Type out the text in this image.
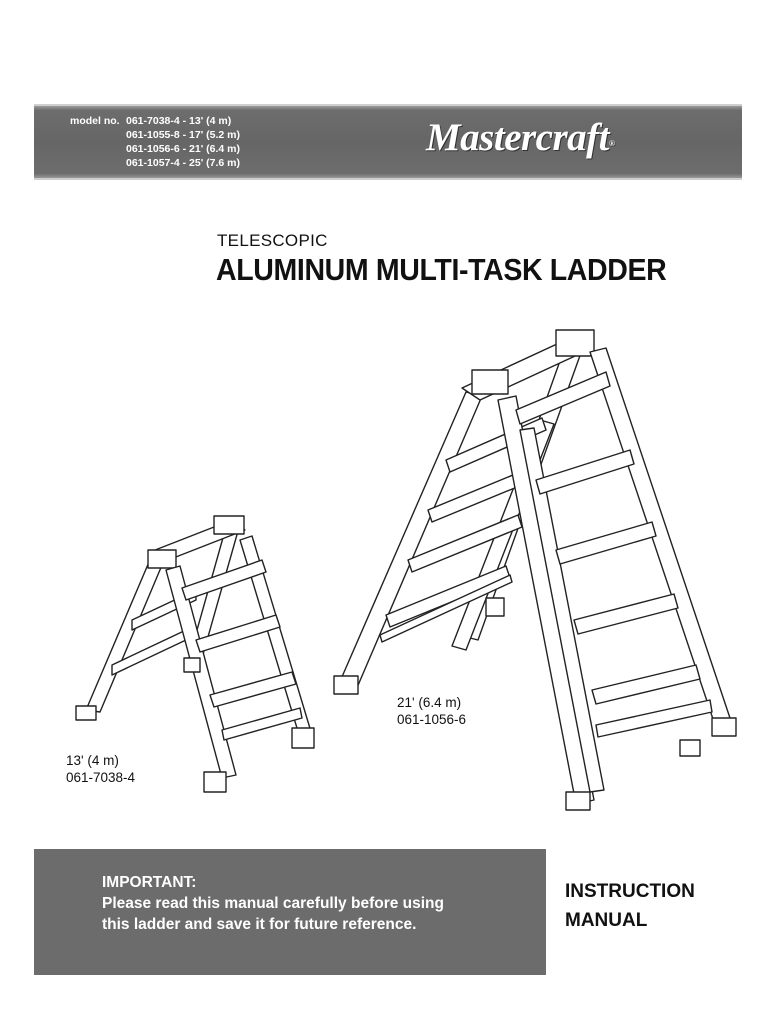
model no. 061-7038-4 - 13' (4 m)
061-1055-8 - 17' (5.2 m)
061-1056-6 - 21' (6.4 m)
061-1057-4 - 25' (7.6 m)
Mastercraft®
TELESCOPIC
ALUMINUM MULTI-TASK LADDER
13' (4 m)
061-7038-4
21' (6.4 m)
061-1056-6
IMPORTANT:
Please read this manual carefully before using
this ladder and save it for future reference.
INSTRUCTION
MANUAL
